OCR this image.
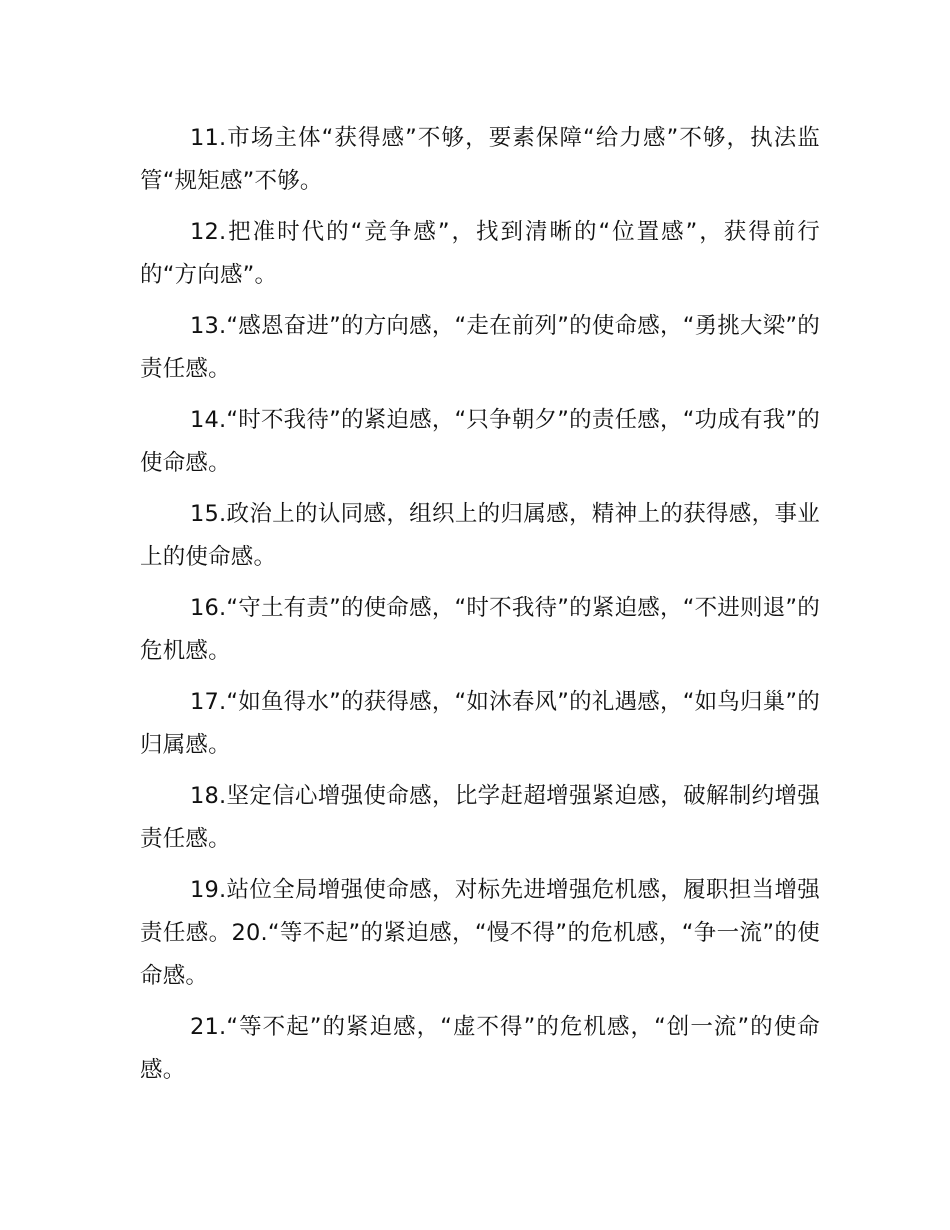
11.市场主体“获得感”不够，要素保障“给力感”不够，执法监管“规矩感”不够。

12.把准时代的“竞争感”，找到清晰的“位置感”，获得前行的“方向感”。

13.“感恩奋进”的方向感，“走在前列”的使命感，“勇挑大梁”的责任感。

14.“时不我待”的紧迫感，“只争朝夕”的责任感，“功成有我”的使命感。

15.政治上的认同感，组织上的归属感，精神上的获得感，事业上的使命感。

16.“守土有责”的使命感，“时不我待”的紧迫感，“不进则退”的危机感。

17.“如鱼得水”的获得感，“如沐春风”的礼遇感，“如鸟归巢”的归属感。

18.坚定信心增强使命感，比学赶超增强紧迫感，破解制约增强责任感。

19.站位全局增强使命感，对标先进增强危机感，履职担当增强责任感。20.“等不起”的紧迫感，“慢不得”的危机感，“争一流”的使命感。

21.“等不起”的紧迫感，“虚不得”的危机感，“创一流”的使命感。
